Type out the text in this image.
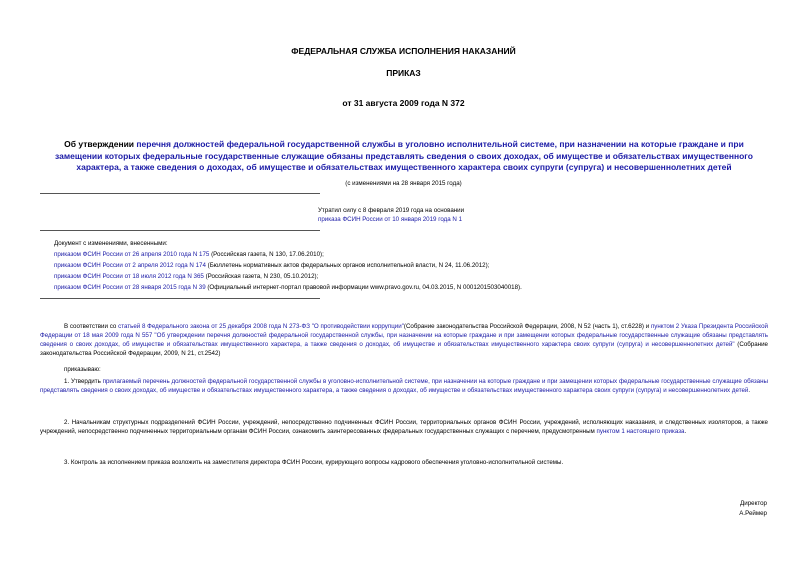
ФЕДЕРАЛЬНАЯ СЛУЖБА ИСПОЛНЕНИЯ НАКАЗАНИЙ
ПРИКАЗ
от 31 августа 2009 года N 372
Об утверждении перечня должностей федеральной государственной службы в уголовно исполнительной системе, при назначении на которые граждане и при замещении которых федеральные государственные служащие обязаны представлять сведения о своих доходах, об имуществе и обязательствах имущественного характера, а также сведения о доходах, об имуществе и обязательствах имущественного характера своих супруги (супруга) и несовершеннолетних детей
(с изменениями на 28 января 2015 года)
Утратил силу с 8 февраля 2019 года на основании
приказа ФСИН России от 10 января 2019 года N 1
Документ с изменениями, внесенными:
приказом ФСИН России от 26 апреля 2010 года N 175 (Российская газета, N 130, 17.06.2010);
приказом ФСИН России от 2 апреля 2012 года N 174 (Бюллетень нормативных актов федеральных органов исполнительной власти, N 24, 11.06.2012);
приказом ФСИН России от 18 июля 2012 года N 365 (Российская газета, N 230, 05.10.2012);
приказом ФСИН России от 28 января 2015 года N 39 (Официальный интернет-портал правовой информации www.pravo.gov.ru, 04.03.2015, N 0001201503040018).
В соответствии со статьей 8 Федерального закона от 25 декабря 2008 года N 273-ФЗ "О противодействии коррупции"(Собрание законодательства Российской Федерации, 2008, N 52 (часть 1), ст.6228) и пунктом 2 Указа Президента Российской Федерации от 18 мая 2009 года N 557 "Об утверждении перечня должностей федеральной государственной службы, при назначении на которые граждане и при замещении которых федеральные государственные служащие обязаны представлять сведения о своих доходах, об имуществе и обязательствах имущественного характера, а также сведения о доходах, об имуществе и обязательствах имущественного характера своих супруги (супруга) и несовершеннолетних детей" (Собрание законодательства Российской Федерации, 2009, N 21, ст.2542)
приказываю:
1. Утвердить прилагаемый перечень должностей федеральной государственной службы в уголовно-исполнительной системе, при назначении на которые граждане и при замещении которых федеральные государственные служащие обязаны представлять сведения о своих доходах, об имуществе и обязательствах имущественного характера, а также сведения о доходах, об имуществе и обязательствах имущественного характера своих супруги (супруга) и несовершеннолетних детей.
2. Начальникам структурных подразделений ФСИН России, учреждений, непосредственно подчиненных ФСИН России, территориальных органов ФСИН России, учреждений, исполняющих наказания, и следственных изоляторов, а также учреждений, непосредственно подчиненных территориальным органам ФСИН России, ознакомить заинтересованных федеральных государственных служащих с перечнем, предусмотренным пунктом 1 настоящего приказа.
3. Контроль за исполнением приказа возложить на заместителя директора ФСИН России, курирующего вопросы кадрового обеспечения уголовно-исполнительной системы.
Директор
А.Реймер
